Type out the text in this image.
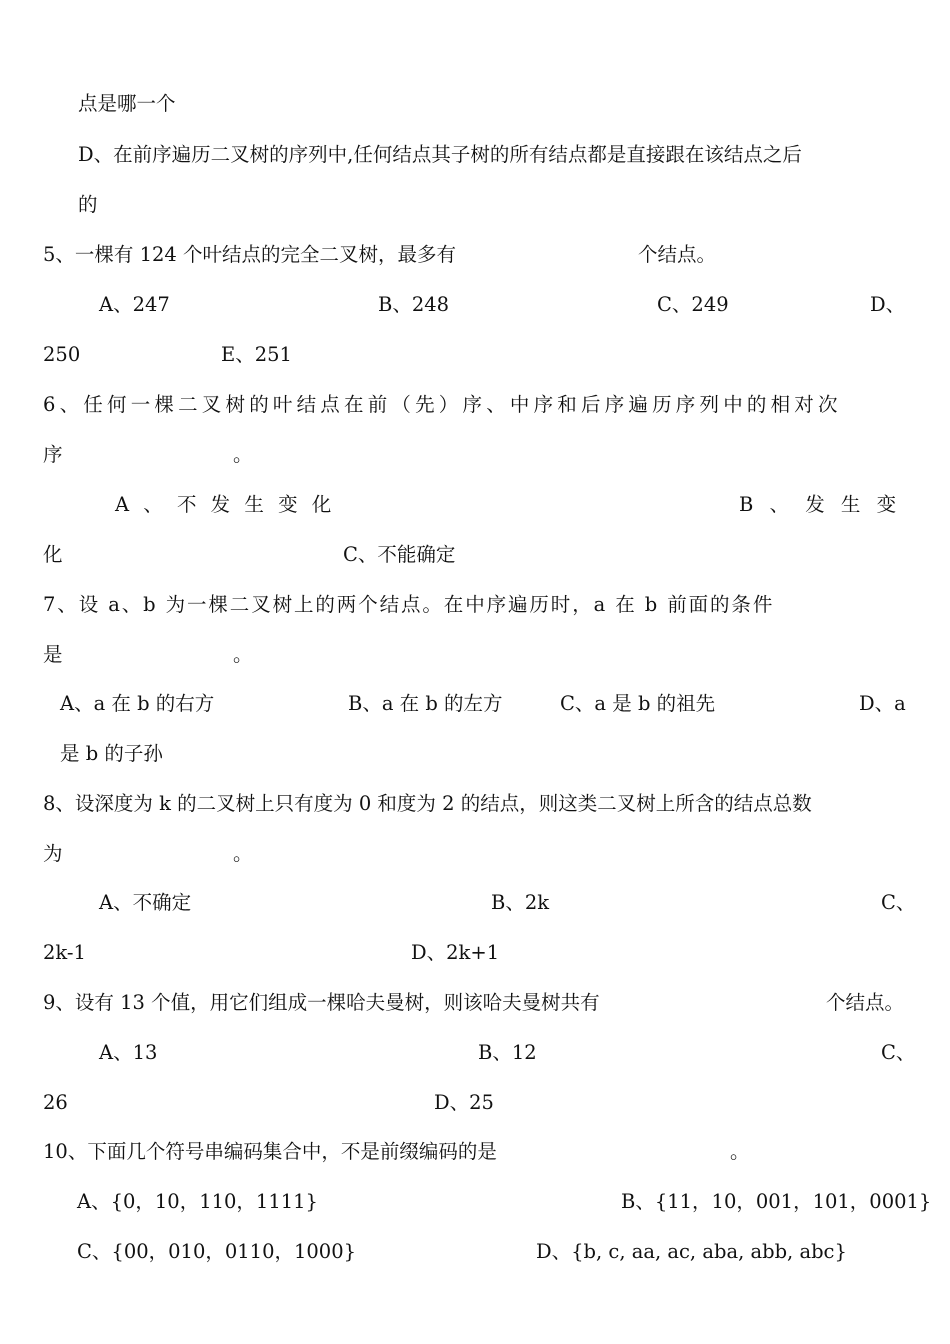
点是哪一个
D、在前序遍历二叉树的序列中,任何结点其子树的所有结点都是直接跟在该结点之后
的
5、一棵有 124 个叶结点的完全二叉树，最多有	个结点。
A、247	B、248	C、249	D、
250	E、251
6、任何一棵二叉树的叶结点在前（先）序、中序和后序遍历序列中的相对次
序	。
A 、 不 发 生 变 化	B 、 发 生 变
化	C、不能确定
7、设 a、b 为一棵二叉树上的两个结点。在中序遍历时，a 在 b 前面的条件
是	。
A、a 在 b 的右方	B、a 在 b 的左方	C、a 是 b 的祖先	D、a
是 b 的子孙
8、设深度为 k 的二叉树上只有度为 0 和度为 2 的结点，则这类二叉树上所含的结点总数
为	。
A、不确定	B、2k	C、
2k-1	D、2k+1
9、设有 13 个值，用它们组成一棵哈夫曼树，则该哈夫曼树共有	个结点。
A、13	B、12	C、
26	D、25
10、下面几个符号串编码集合中，不是前缀编码的是	。
A、{0，10，110，1111}	B、{11，10，001，101，0001}
C、{00，010，0110，1000}	D、{b, c, aa, ac, aba, abb, abc}
